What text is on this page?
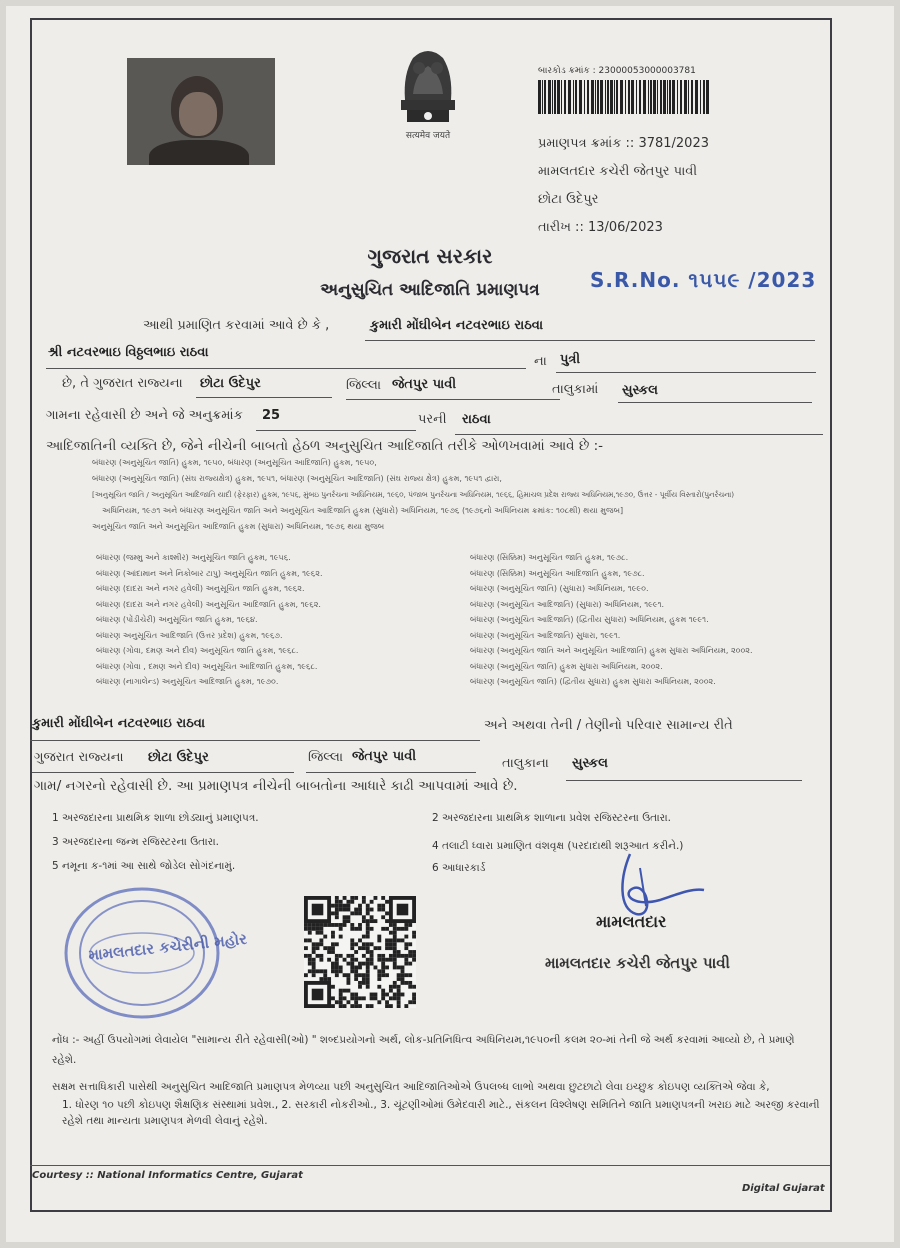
सत्यमेव जयते
બારકોડ ક્રમાંક : 23000053000003781
પ્રમાણપત્ર ક્રમાંક :: 3781/2023
મામલતદાર કચેરી જેતપુર પાવી
છોટા ઉદેપુર
તારીખ :: 13/06/2023
ગુજરાત સરકાર
અનુસુચિત આદિજાતિ પ્રમાણપત્ર	S.R.No. ૧૫૫૯ /2023
આથી પ્રમાણિત કરવામાં આવે છે કે ,	કુમારી મોંઘીબેન નટવરભાઇ રાઠવા
શ્રી નટવરભાઇ વિઠ્ઠલભાઇ રાઠવા
ના પુત્રી
છે, તે ગુજરાત રાજ્યના છોટા ઉદેપુર	જિલ્લા જેતપુર પાવી	તાલુકામાં સુસ્કલ
ગામના રહેવાસી છે અને જે અનુક્રમાંક 25	પરની રાઠવા
આદિજાતિની વ્યક્તિ છે, જેને નીચેની બાબતો હેઠળ અનુસુચિત આદિજાતિ તરીકે ઓળખવામાં આવે છે :-
બંધારણ (અનુસૂચિત જાતિ) હુકમ, ૧૯૫૦, બંધારણ (અનુસૂચિત આદિજાતિ) હુકમ, ૧૯૫૦,
બંધારણ (અનુસૂચિત જાતિ) (સંઘ રાજ્યક્ષેત્ર) હુકમ, ૧૯૫૧, બંધારણ (અનુસૂચિત આદિજાતિ) (સંઘ રાજ્ય ક્ષેત્ર) હુકમ, ૧૯૫૧ દ્વારા,
[અનુસૂચિત જાતિ / અનુસૂચિત આદિજાતિ યાદી (ફેરફાર) હુકમ, ૧૯૫૬, મુંબઇ પુનર્રચના અધિનિયમ, ૧૯૬૦, પંજાબ પુનર્રચના અધિનિયમ, ૧૯૬૬, હિમાચલ પ્રદેશ રાજ્ય અધિનિયમ,૧૯૭૦, ઉત્તર - પૂર્વીય વિસ્તારો(પુનર્રચના)
અધિનિયમ, ૧૯૭૧ અને બંધારણ અનુસૂચિત જાતિ અને અનુસૂચિત આદિજાતિ હુકમ (સુધારો) અધિનિયમ, ૧૯૭૬ (૧૯૭૬નો અધિનિયમ ક્રમાંક: ૧૦૮થી) થયા મુજબ]
અનુસૂચિત જાતિ અને અનુસૂચિત આદિજાતિ હુકમ (સુધારા) અધિનિયમ, ૧૯૭૬ થયા મુજબ
બંધારણ (જમ્મુ અને કાશ્મીર) અનુસૂચિત જાતિ હુકમ, ૧૯૫૬.
બંધારણ (આંદામાન અને નિકોબાર ટાપુ) અનુસૂચિત જાતિ હુકમ, ૧૯૬૨.
બંધારણ (દાદરા અને નગર હવેલી) અનુસૂચિત જાતિ હુકમ, ૧૯૬૨.
બંધારણ (દાદરા અને નગર હવેલી) અનુસૂચિત આદિજાતિ હુકમ, ૧૯૬૨.
બંધારણ (પોંડીચેરી) અનુસૂચિત જાતિ હુકમ, ૧૯૬૪.
બંધારણ અનુસૂચિત આદિજાતિ (ઉત્તર પ્રદેશ) હુકમ, ૧૯૬૭.
બંધારણ (ગોવા, દમણ અને દીવ) અનુસૂચિત જાતિ હુકમ, ૧૯૬૮.
બંધારણ (ગોવા , દમણ અને દીવ) અનુસૂચિત આદિજાતિ હુકમ, ૧૯૬૮.
બંધારણ (નાગાલેન્ડ) અનુસૂચિત આદિજાતિ હુકમ, ૧૯૭૦.
બંધારણ (સિક્કિમ) અનુસૂચિત જાતિ હુકમ, ૧૯૭૮.
બંધારણ (સિક્કિમ) અનુસૂચિત આદિજાતિ હુકમ, ૧૯૭૮.
બંધારણ (અનુસૂચિત જાતિ) (સુધારા) અધિનિયમ, ૧૯૯૦.
બંધારણ (અનુસૂચિત આદિજાતિ) (સુધારા) અધિનિયમ, ૧૯૯૧.
બંધારણ (અનુસૂચિત આદિજાતિ) (દ્વિતીય સુધારા) અધિનિયમ, હુકમ ૧૯૯૧.
બંધારણ (અનુસૂચિત આદિજાતિ) સુધારા, ૧૯૯૧.
બંધારણ (અનુસૂચિત જાતિ અને અનુસૂચિત આદિજાતિ) હુકમ સુધારા અધિનિયમ, ૨૦૦૨.
બંધારણ (અનુસૂચિત જાતિ) હુકમ સુધારા અધિનિયમ, ૨૦૦૨.
બંધારણ (અનુસૂચિત જાતિ) (દ્વિતીય સુધારા) હુકમ સુધારા અધિનિયમ, ૨૦૦૨.
કુમારી મોંઘીબેન નટવરભાઇ રાઠવા	અને અથવા તેની / તેણીનો પરિવાર સામાન્ય રીતે
ગુજરાત રાજ્યના છોટા ઉદેપુર	જિલ્લા જેતપુર પાવી	તાલુકાના સુસ્કલ
ગામ/ નગરનો રહેવાસી છે. આ પ્રમાણપત્ર નીચેની બાબતોના આધારે કાઢી આપવામાં આવે છે.
1 અરજદારના પ્રાથમિક શાળા છોડ્યાનું પ્રમાણપત્ર.	2 અરજદારના પ્રાથમિક શાળાના પ્રવેશ રજિસ્ટરના ઉતારા.
3 અરજદારના જન્મ રજિસ્ટરના ઉતારા.	4 તલાટી ધ્વારા પ્રમાણિત વંશવૃક્ષ (પરદાદાથી શરૂઆત કરીને.)
5 નમૂના ક-૧માં આ સાથે જોડેલ સોગંદનામું.	6 આધારકાર્ડ
મામલતદાર કચેરીની મહોર
મામલતદાર
મામલતદાર કચેરી જેતપુર પાવી
નોંધ :- અહીં ઉપયોગમાં લેવાયેલ "સામાન્ય રીતે રહેવાસી(ઓ) " શબ્દપ્રયોગનો અર્થ, લોક-પ્રતિનિધિત્વ અધિનિયમ,૧૯૫૦ની કલમ ૨૦-માં તેની જે અર્થ કરવામાં આવ્યો છે, તે પ્રમાણે રહેશે.
સક્ષમ સત્તાધિકારી પાસેથી અનુસુચિત આદિજાતિ પ્રમાણપત્ર મેળવ્યા પછી અનુસુચિત આદિજાતિઓએ ઉપલબ્ધ લાભો અથવા છુટછાટો લેવા ઇચ્છુક કોઇપણ વ્યક્તિએ જેવા કે,
1. ધોરણ ૧૦ પછી કોઇપણ શૈક્ષણિક સંસ્થામાં પ્રવેશ., 2. સરકારી નોકરીઓ., 3. ચૂંટણીઓમાં ઉમેદવારી માટે., સંકલન વિશ્લેષણ સમિતિને જાતિ પ્રમાણપત્રની ખરાઇ માટે અરજી કરવાની રહેશે તથા માન્યતા પ્રમાણપત્ર મેળવી લેવાનું રહેશે.
Courtesy :: National Informatics Centre, Gujarat
Digital Gujarat
